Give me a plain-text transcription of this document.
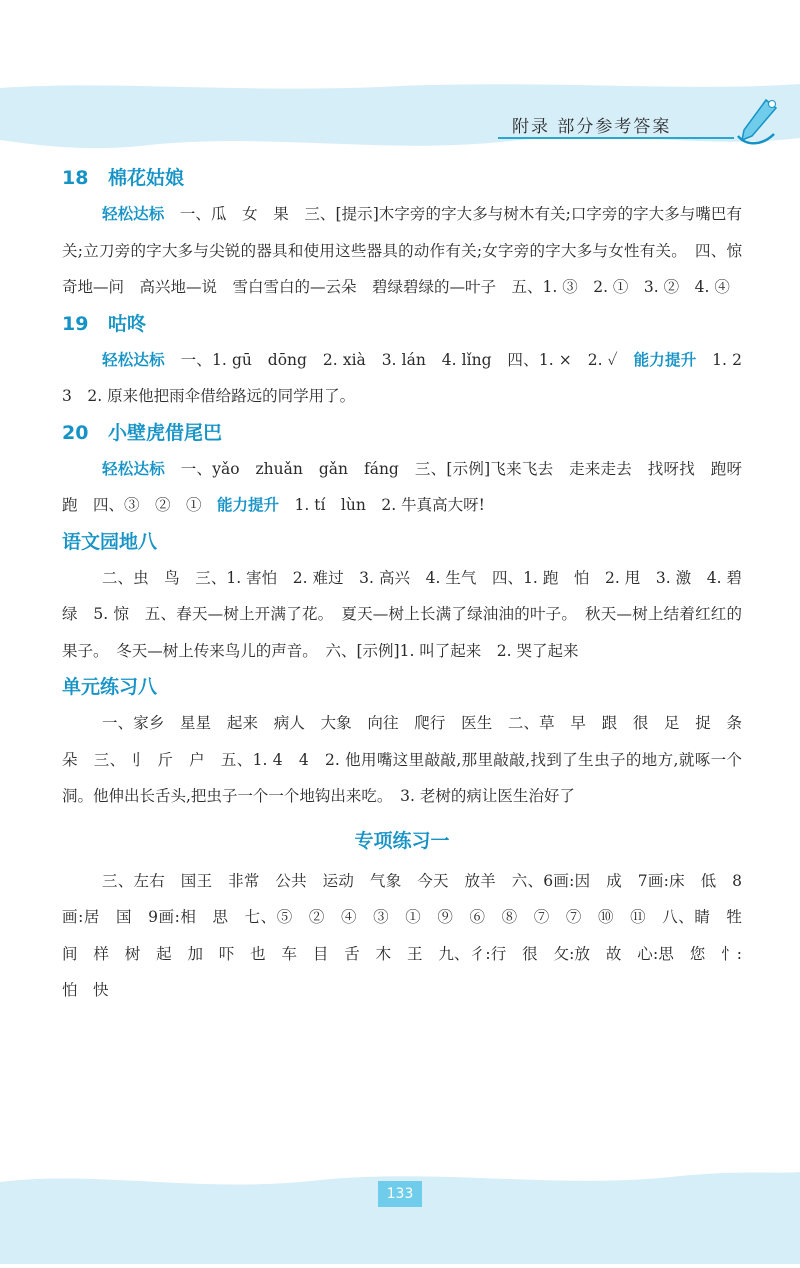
附录 部分参考答案
18 棉花姑娘

轻松达标　一、瓜　女　果　三、[提示]木字旁的字大多与树木有关;口字旁的字大多与嘴巴有关;立刀旁的字大多与尖锐的器具和使用这些器具的动作有关;女字旁的字大多与女性有关。　四、惊奇地—问　高兴地—说　雪白雪白的—云朵　碧绿碧绿的—叶子　五、1. ③　2. ①　3. ②　4. ④

19 咕咚

轻松达标　一、1. gū　dōng　2. xià　3. lán　4. lǐng　四、1. ×　2. ✓　能力提升　1. 2　3　2. 原来他把雨伞借给路远的同学用了。

20 小壁虎借尾巴

轻松达标　一、yǎo　zhuǎn　gǎn　fáng　三、[示例]飞来飞去　走来走去　找呀找　跑呀跑　四、③　②　①　能力提升　1. tí　lùn　2. 牛真高大呀!

语文园地八

二、虫　鸟　三、1. 害怕　2. 难过　3. 高兴　4. 生气　四、1. 跑　怕　2. 甩　3. 激　4. 碧绿　5. 惊　五、春天—树上开满了花。　夏天—树上长满了绿油油的叶子。　秋天—树上结着红红的果子。　冬天—树上传来鸟儿的声音。　六、[示例]1. 叫了起来　2. 哭了起来

单元练习八

一、家乡　星星　起来　病人　大象　向往　爬行　医生　二、草　早　跟　很　足　捉　条　朵　三、刂　斤　户　五、1. 4　4　2. 他用嘴这里敲敲,那里敲敲,找到了生虫子的地方,就啄一个洞。他伸出长舌头,把虫子一个一个地钩出来吃。　3. 老树的病让医生治好了

专项练习一

三、左右　国王　非常　公共　运动　气象　今天　放羊　六、6画:因　成　7画:床　低　8画:居　国　9画:相　思　七、⑤　②　④　③　①　⑨　⑥　⑧　⑦　⑦　⑩　⑪　八、睛　牲　间　样　树　起　加　吓　也　车　目　舌　木　王　九、彳:行　很　攵:放　故　心:思　您　忄:怕　快

133
